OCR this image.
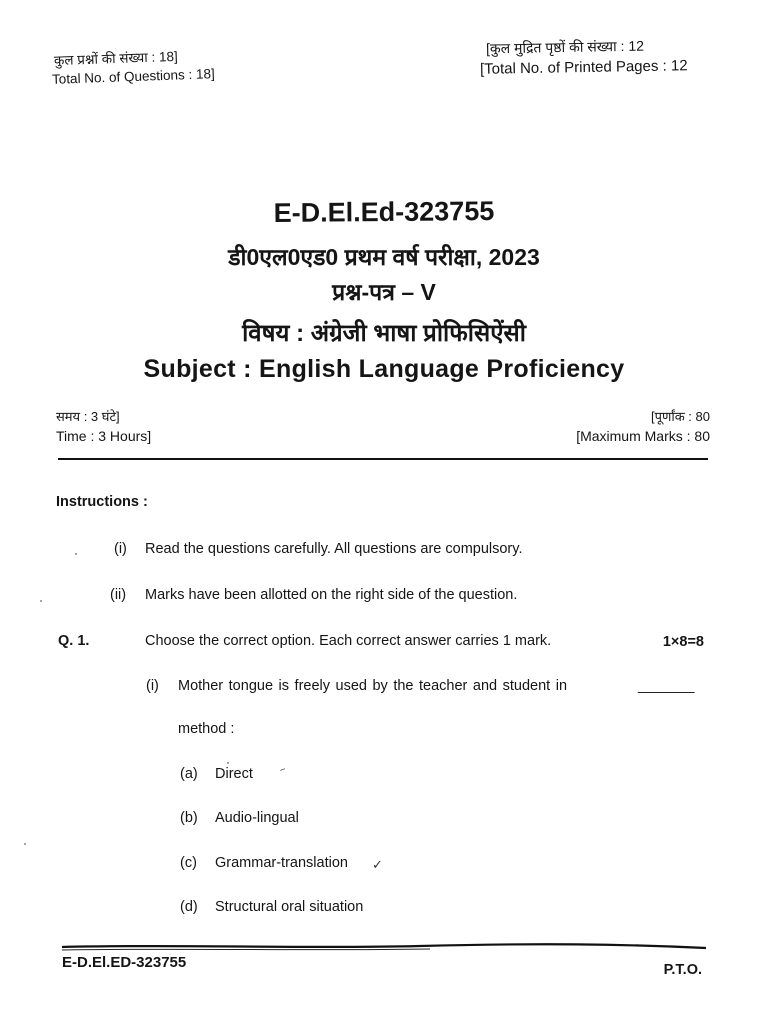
कुल प्रश्नों की संख्या : 18]
Total No. of Questions : 18]
[कुल मुद्रित पृष्ठों की संख्या : 12
[Total No. of Printed Pages : 12
E-D.El.Ed-323755
डी0एल0एड0 प्रथम वर्ष परीक्षा, 2023
प्रश्न-पत्र – V
विषय : अंग्रेजी भाषा प्रोफिसिऐंसी
Subject : English Language Proficiency
समय : 3 घंटे]
Time : 3 Hours]
[पूर्णांक : 80
[Maximum Marks : 80
Instructions :
(i) Read the questions carefully. All questions are compulsory.
(ii) Marks have been allotted on the right side of the question.
Q. 1.	Choose the correct option. Each correct answer carries 1 mark.	1×8=8
(i) Mother tongue is freely used by the teacher and student in	_______
method :
(a) Direct ⁻
(b) Audio-lingual
(c) Grammar-translation ✓
(d) Structural oral situation
E-D.El.ED-323755	P.T.O.
